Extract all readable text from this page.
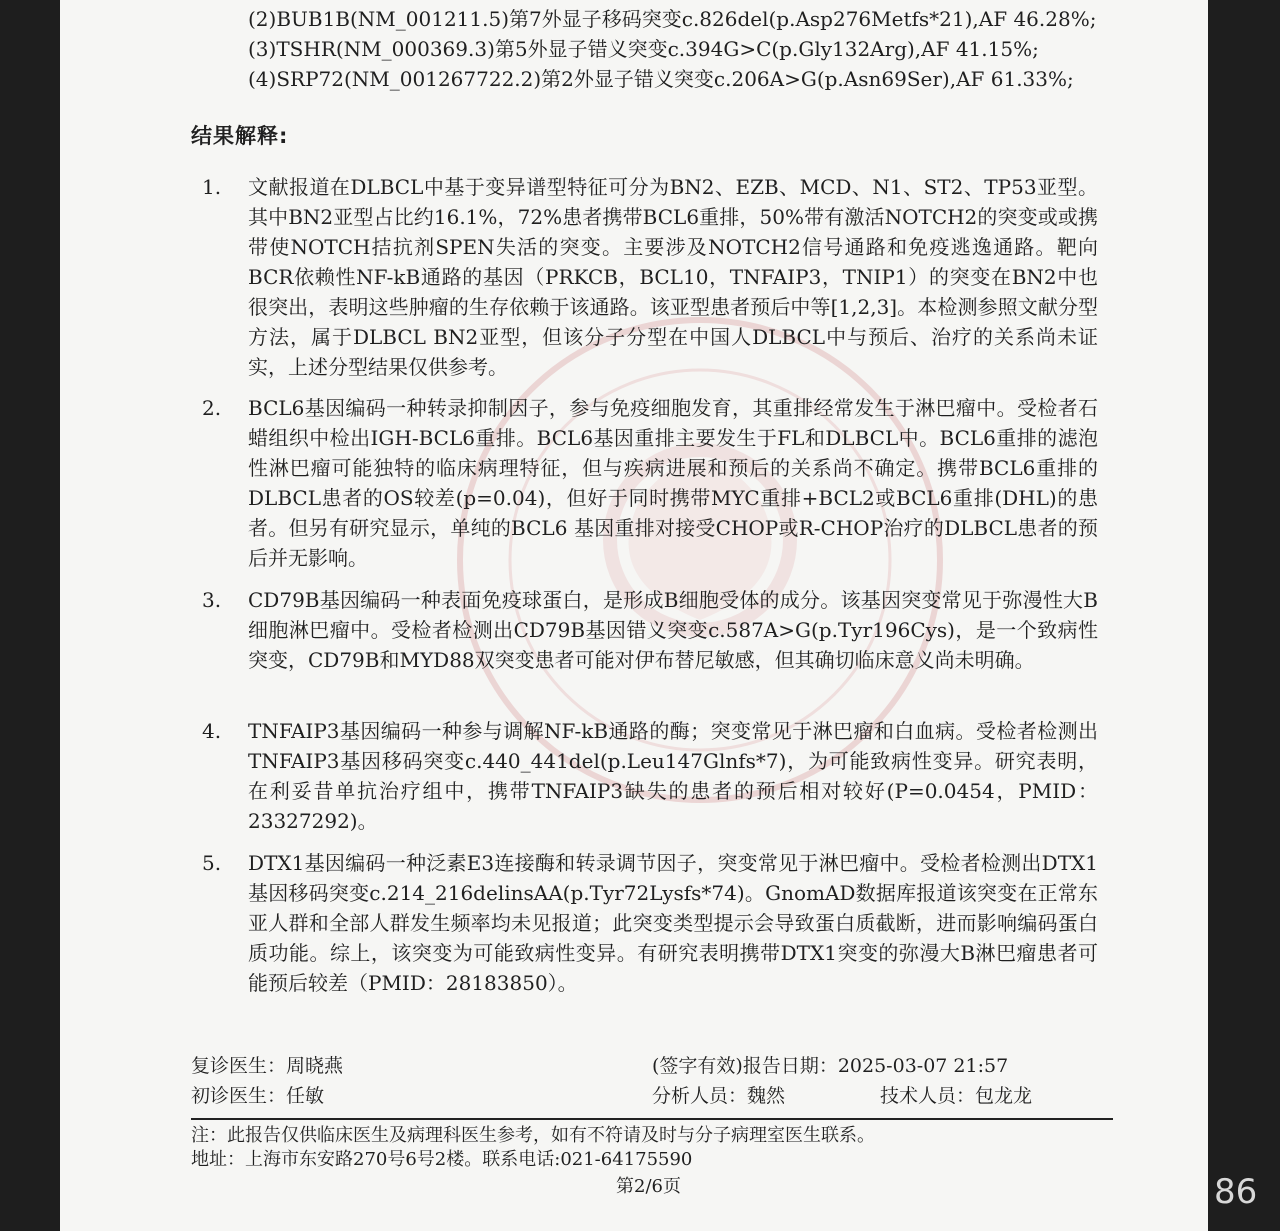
(2)BUB1B(NM_001211.5)第7外显子移码突变c.826del(p.Asp276Metfs*21),AF 46.28%;
(3)TSHR(NM_000369.3)第5外显子错义突变c.394G>C(p.Gly132Arg),AF 41.15%;
(4)SRP72(NM_001267722.2)第2外显子错义突变c.206A>G(p.Asn69Ser),AF 61.33%;
结果解释:
1. 文献报道在DLBCL中基于变异谱型特征可分为BN2、EZB、MCD、N1、ST2、TP53亚型。其中BN2亚型占比约16.1%，72%患者携带BCL6重排，50%带有激活NOTCH2的突变或或携带使NOTCH拮抗剂SPEN失活的突变。主要涉及NOTCH2信号通路和免疫逃逸通路。靶向BCR依赖性NF-kB通路的基因（PRKCB，BCL10，TNFAIP3，TNIP1）的突变在BN2中也很突出，表明这些肿瘤的生存依赖于该通路。该亚型患者预后中等[1,2,3]。本检测参照文献分型方法，属于DLBCL BN2亚型，但该分子分型在中国人DLBCL中与预后、治疗的关系尚未证实，上述分型结果仅供参考。
2. BCL6基因编码一种转录抑制因子，参与免疫细胞发育，其重排经常发生于淋巴瘤中。受检者石蜡组织中检出IGH-BCL6重排。BCL6基因重排主要发生于FL和DLBCL中。BCL6重排的滤泡性淋巴瘤可能独特的临床病理特征，但与疾病进展和预后的关系尚不确定。携带BCL6重排的DLBCL患者的OS较差(p=0.04)，但好于同时携带MYC重排+BCL2或BCL6重排(DHL)的患者。但另有研究显示，单纯的BCL6 基因重排对接受CHOP或R-CHOP治疗的DLBCL患者的预后并无影响。
3. CD79B基因编码一种表面免疫球蛋白，是形成B细胞受体的成分。该基因突变常见于弥漫性大B细胞淋巴瘤中。受检者检测出CD79B基因错义突变c.587A>G(p.Tyr196Cys)，是一个致病性突变，CD79B和MYD88双突变患者可能对伊布替尼敏感，但其确切临床意义尚未明确。
4. TNFAIP3基因编码一种参与调解NF-kB通路的酶；突变常见于淋巴瘤和白血病。受检者检测出TNFAIP3基因移码突变c.440_441del(p.Leu147Glnfs*7)，为可能致病性变异。研究表明，在利妥昔单抗治疗组中，携带TNFAIP3缺失的患者的预后相对较好(P=0.0454，PMID：23327292)。
5. DTX1基因编码一种泛素E3连接酶和转录调节因子，突变常见于淋巴瘤中。受检者检测出DTX1基因移码突变c.214_216delinsAA(p.Tyr72Lysfs*74)。GnomAD数据库报道该突变在正常东亚人群和全部人群发生频率均未见报道；此突变类型提示会导致蛋白质截断，进而影响编码蛋白质功能。综上，该突变为可能致病性变异。有研究表明携带DTX1突变的弥漫大B淋巴瘤患者可能预后较差（PMID：28183850）。
复诊医生：周晓燕	(签字有效)报告日期：2025-03-07 21:57
初诊医生：任敏	分析人员：魏然	技术人员：包龙龙
注：此报告仅供临床医生及病理科医生参考，如有不符请及时与分子病理室医生联系。
地址：上海市东安路270号6号2楼。联系电话:021-64175590
第2/6页	86
